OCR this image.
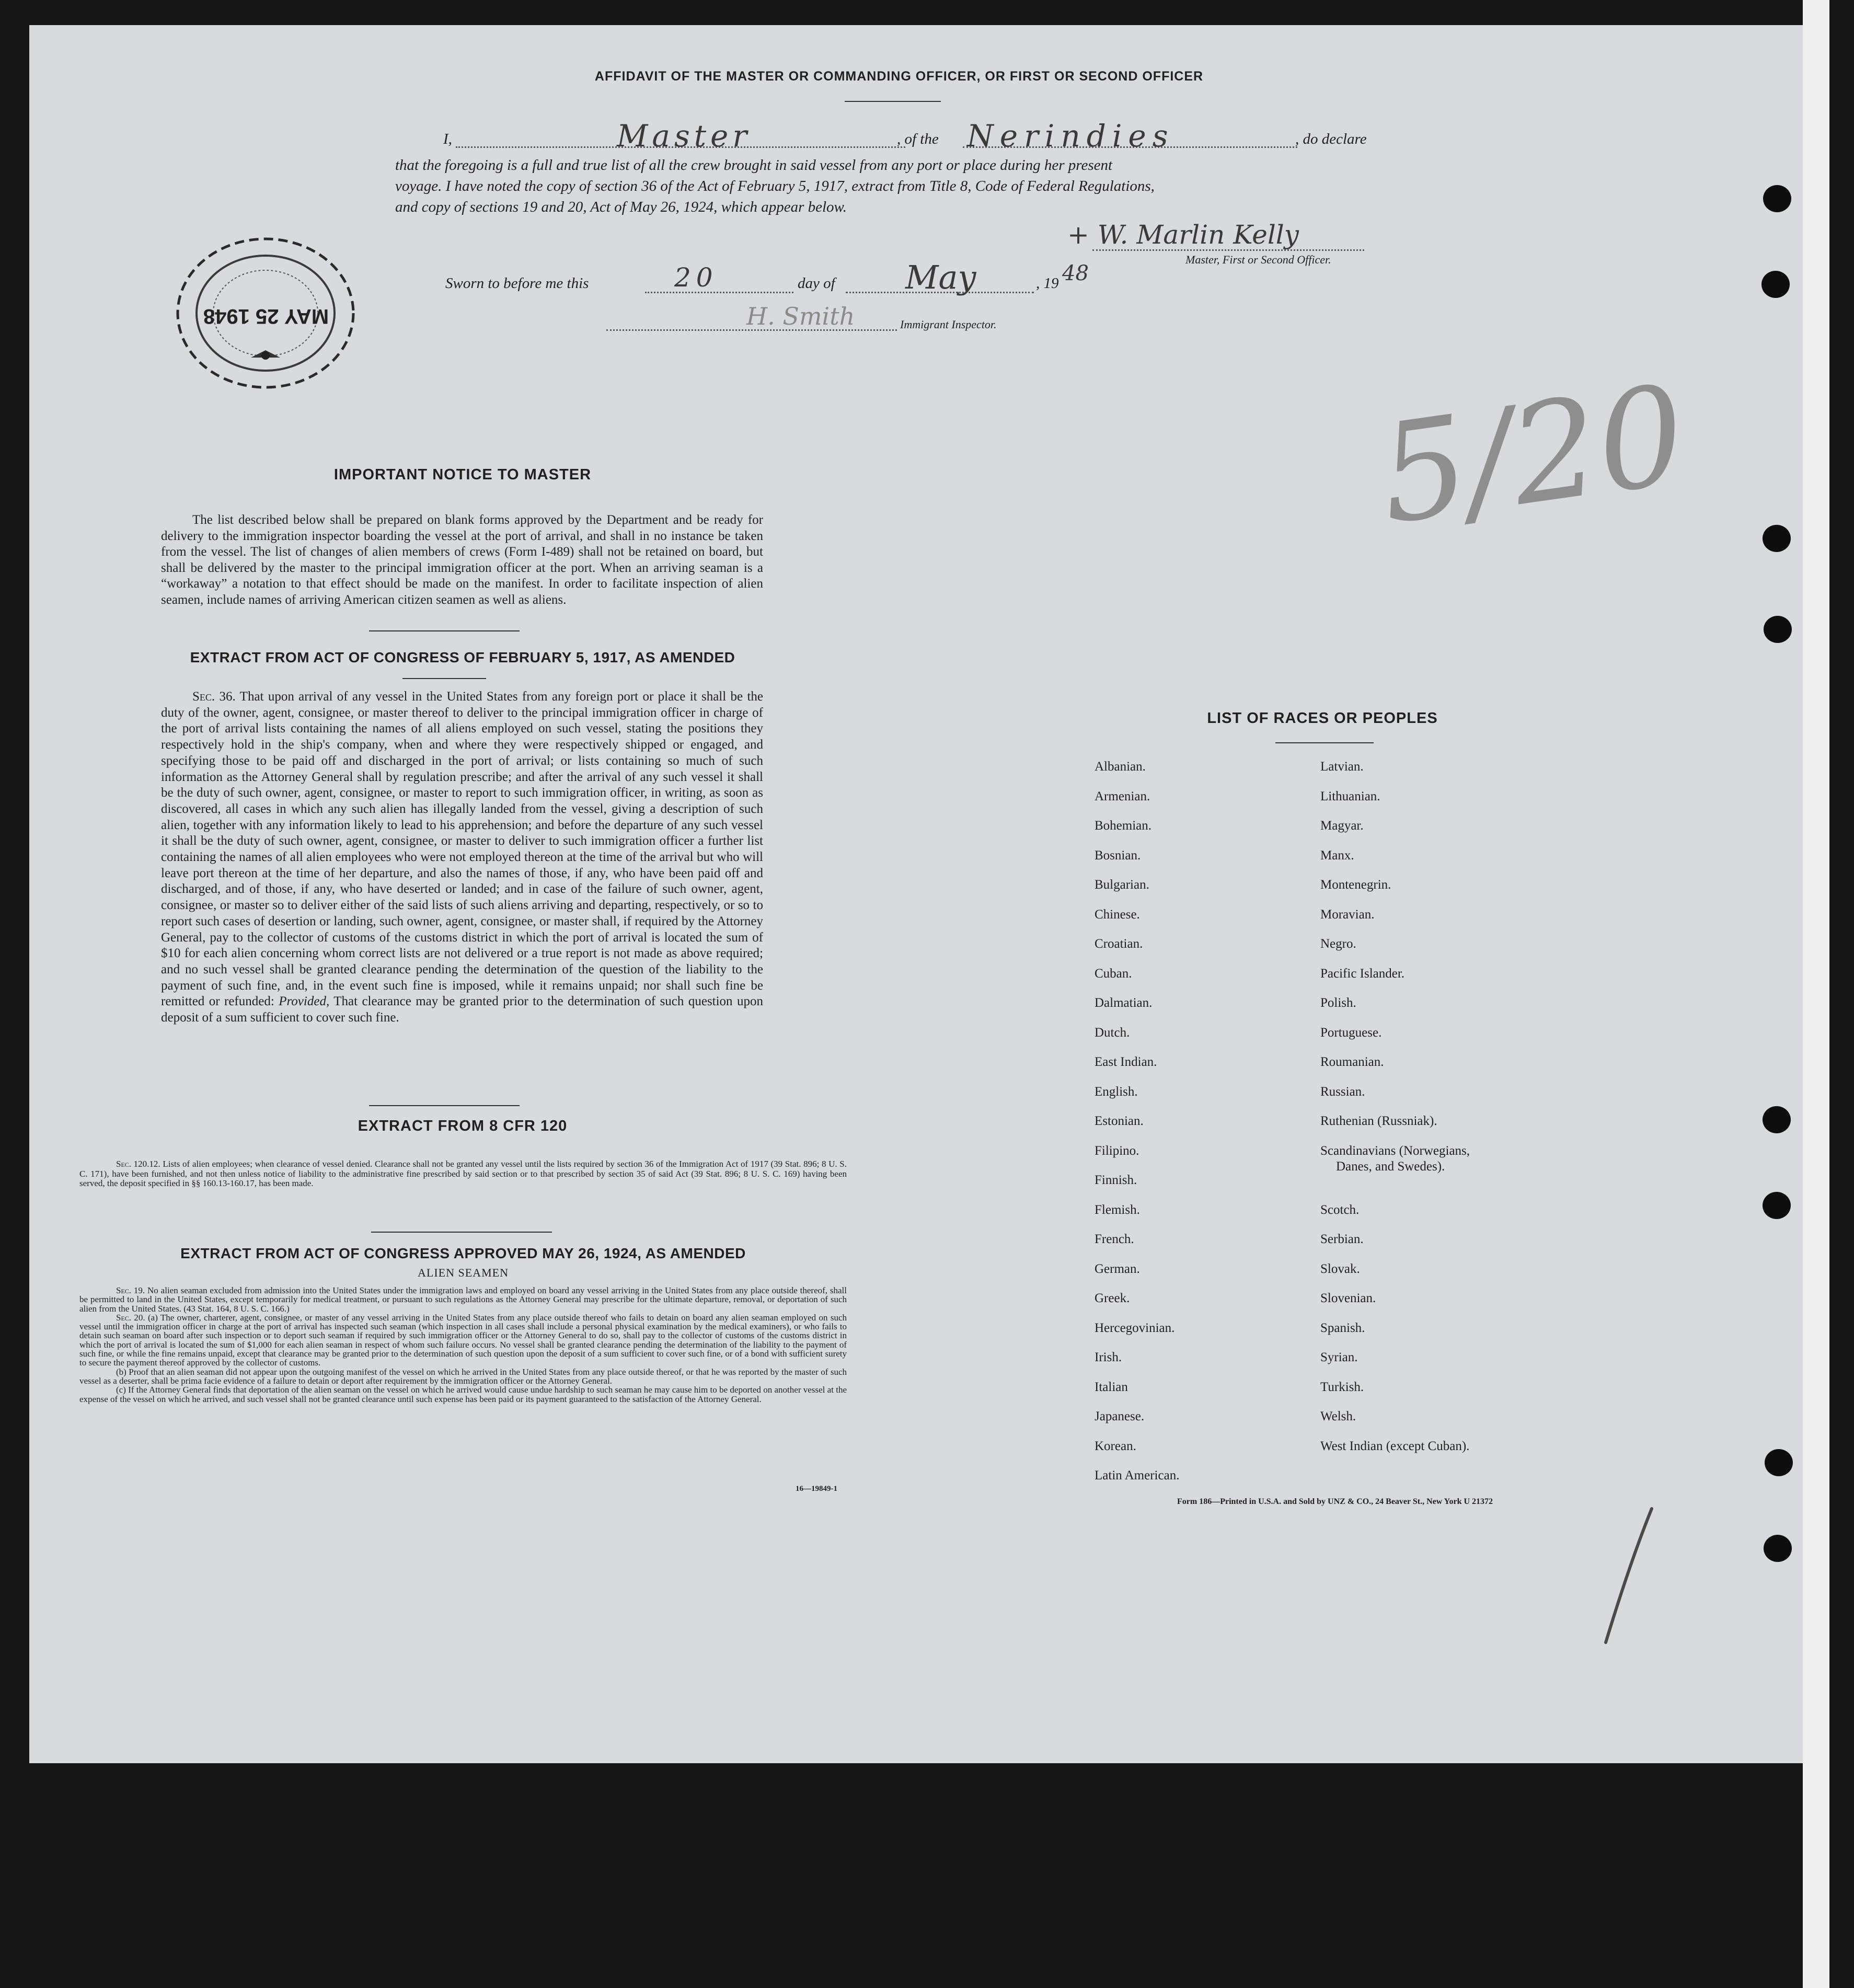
AFFIDAVIT OF THE MASTER OR COMMANDING OFFICER, OR FIRST OR SECOND OFFICER
I,	Master	, of the Nerindies	, do declare
that the foregoing is a full and true list of all the crew brought in said vessel from any port or place during her present
voyage. I have noted the copy of section 36 of the Act of February 5, 1917, extract from Title 8, Code of Federal Regulations,
and copy of sections 19 and 20, Act of May 26, 1924, which appear below.
+ W. Marlin Kelly
Master, First or Second Officer.
Sworn to before me this	20	day of May	, 19 48
H. Smith	Immigrant Inspector.
MAY 25 1948
5/20
IMPORTANT NOTICE TO MASTER
The list described below shall be prepared on blank forms approved by the Department and be ready for delivery to the immigration inspector boarding the vessel at the port of arrival, and shall in no instance be taken from the vessel. The list of changes of alien members of crews (Form I-489) shall not be retained on board, but shall be delivered by the master to the principal immigration officer at the port. When an arriving seaman is a “workaway” a notation to that effect should be made on the manifest. In order to facilitate inspection of alien seamen, include names of arriving American citizen seamen as well as aliens.
EXTRACT FROM ACT OF CONGRESS OF FEBRUARY 5, 1917, AS AMENDED
Sec. 36. That upon arrival of any vessel in the United States from any foreign port or place it shall be the duty of the owner, agent, consignee, or master thereof to deliver to the principal immigration officer in charge of the port of arrival lists containing the names of all aliens employed on such vessel, stating the positions they respectively hold in the ship's company, when and where they were respectively shipped or engaged, and specifying those to be paid off and discharged in the port of arrival; or lists containing so much of such information as the Attorney General shall by regulation prescribe; and after the arrival of any such vessel it shall be the duty of such owner, agent, consignee, or master to report to such immigration officer, in writing, as soon as discovered, all cases in which any such alien has illegally landed from the vessel, giving a description of such alien, together with any information likely to lead to his apprehension; and before the departure of any such vessel it shall be the duty of such owner, agent, consignee, or master to deliver to such immigration officer a further list containing the names of all alien employees who were not employed thereon at the time of the arrival but who will leave port thereon at the time of her departure, and also the names of those, if any, who have been paid off and discharged, and of those, if any, who have deserted or landed; and in case of the failure of such owner, agent, consignee, or master so to deliver either of the said lists of such aliens arriving and departing, respectively, or so to report such cases of desertion or landing, such owner, agent, consignee, or master shall, if required by the Attorney General, pay to the collector of customs of the customs district in which the port of arrival is located the sum of $10 for each alien concerning whom correct lists are not delivered or a true report is not made as above required; and no such vessel shall be granted clearance pending the determination of the question of the liability to the payment of such fine, and, in the event such fine is imposed, while it remains unpaid; nor shall such fine be remitted or refunded: Provided, That clearance may be granted prior to the determination of such question upon deposit of a sum sufficient to cover such fine.
EXTRACT FROM 8 CFR 120
Sec. 120.12. Lists of alien employees; when clearance of vessel denied. Clearance shall not be granted any vessel until the lists required by section 36 of the Immigration Act of 1917 (39 Stat. 896; 8 U. S. C. 171), have been furnished, and not then unless notice of liability to the administrative fine prescribed by said section or to that prescribed by section 35 of said Act (39 Stat. 896; 8 U. S. C. 169) having been served, the deposit specified in §§ 160.13-160.17, has been made.
EXTRACT FROM ACT OF CONGRESS APPROVED MAY 26, 1924, AS AMENDED
ALIEN SEAMEN
Sec. 19. No alien seaman excluded from admission into the United States under the immigration laws and employed on board any vessel arriving in the United States from any place outside thereof, shall be permitted to land in the United States, except temporarily for medical treatment, or pursuant to such regulations as the Attorney General may prescribe for the ultimate departure, removal, or deportation of such alien from the United States. (43 Stat. 164, 8 U. S. C. 166.)
Sec. 20. (a) The owner, charterer, agent, consignee, or master of any vessel arriving in the United States from any place outside thereof who fails to detain on board any alien seaman employed on such vessel until the immigration officer in charge at the port of arrival has inspected such seaman (which inspection in all cases shall include a personal physical examination by the medical examiners), or who fails to detain such seaman on board after such inspection or to deport such seaman if required by such immigration officer or the Attorney General to do so, shall pay to the collector of customs of the customs district in which the port of arrival is located the sum of $1,000 for each alien seaman in respect of whom such failure occurs. No vessel shall be granted clearance pending the determination of the liability to the payment of such fine, or while the fine remains unpaid, except that clearance may be granted prior to the determination of such question upon the deposit of a sum sufficient to cover such fine, or of a bond with sufficient surety to secure the payment thereof approved by the collector of customs.
(b) Proof that an alien seaman did not appear upon the outgoing manifest of the vessel on which he arrived in the United States from any place outside thereof, or that he was reported by the master of such vessel as a deserter, shall be prima facie evidence of a failure to detain or deport after requirement by the immigration officer or the Attorney General.
(c) If the Attorney General finds that deportation of the alien seaman on the vessel on which he arrived would cause undue hardship to such seaman he may cause him to be deported on another vessel at the expense of the vessel on which he arrived, and such vessel shall not be granted clearance until such expense has been paid or its payment guaranteed to the satisfaction of the Attorney General.
16—19849-1
LIST OF RACES OR PEOPLES
Albanian.
Armenian.
Bohemian.
Bosnian.
Bulgarian.
Chinese.
Croatian.
Cuban.
Dalmatian.
Dutch.
East Indian.
English.
Estonian.
Filipino.
Finnish.
Flemish.
French.
German.
Greek.
Hercegovinian.
Irish.
Italian
Japanese.
Korean.
Latin American.
Latvian.
Lithuanian.
Magyar.
Manx.
Montenegrin.
Moravian.
Negro.
Pacific Islander.
Polish.
Portuguese.
Roumanian.
Russian.
Ruthenian (Russniak).
Scandinavians (Norwegians,
Danes, and Swedes).
Scotch.
Serbian.
Slovak.
Slovenian.
Spanish.
Syrian.
Turkish.
Welsh.
West Indian (except Cuban).
Form 186—Printed in U.S.A. and Sold by UNZ & CO., 24 Beaver St., New York U 21372
